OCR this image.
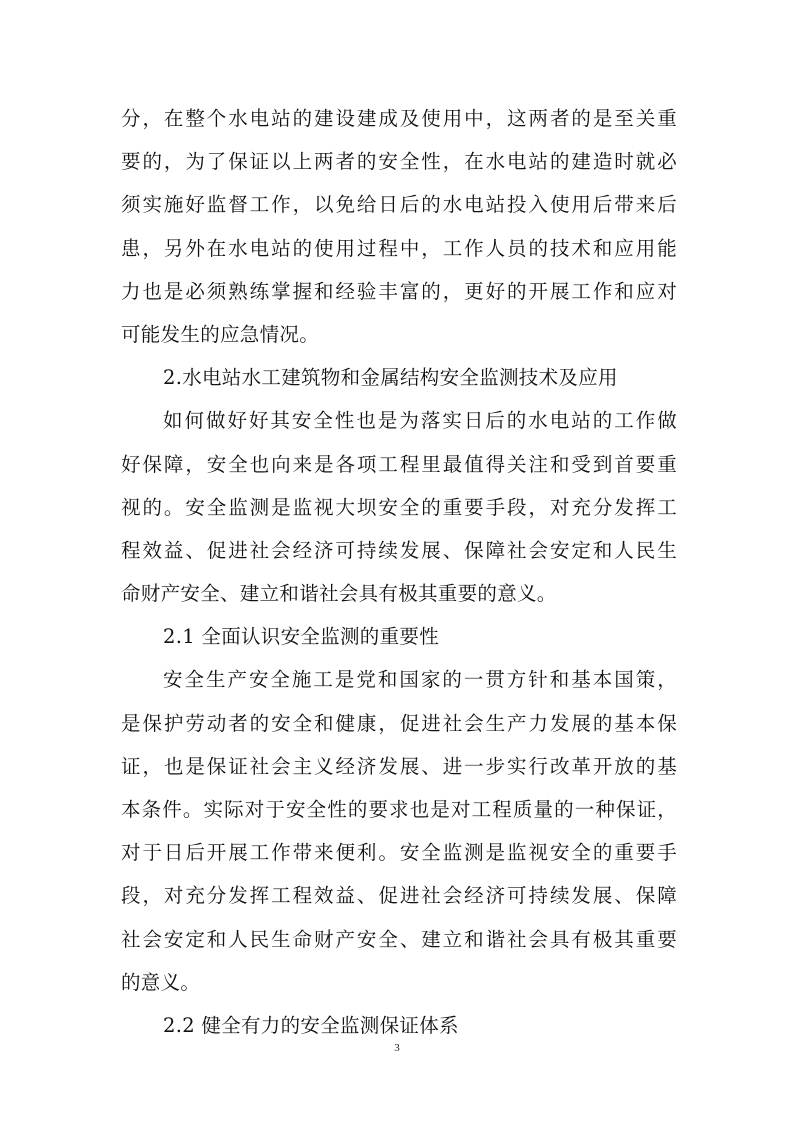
分，在整个水电站的建设建成及使用中，这两者的是至关重
要的，为了保证以上两者的安全性，在水电站的建造时就必
须实施好监督工作，以免给日后的水电站投入使用后带来后
患，另外在水电站的使用过程中，工作人员的技术和应用能
力也是必须熟练掌握和经验丰富的，更好的开展工作和应对
可能发生的应急情况。
2.水电站水工建筑物和金属结构安全监测技术及应用
如何做好好其安全性也是为落实日后的水电站的工作做
好保障，安全也向来是各项工程里最值得关注和受到首要重
视的。安全监测是监视大坝安全的重要手段，对充分发挥工
程效益、促进社会经济可持续发展、保障社会安定和人民生
命财产安全、建立和谐社会具有极其重要的意义。
2.1 全面认识安全监测的重要性
安全生产安全施工是党和国家的一贯方针和基本国策，
是保护劳动者的安全和健康，促进社会生产力发展的基本保
证，也是保证社会主义经济发展、进一步实行改革开放的基
本条件。实际对于安全性的要求也是对工程质量的一种保证，
对于日后开展工作带来便利。安全监测是监视安全的重要手
段，对充分发挥工程效益、促进社会经济可持续发展、保障
社会安定和人民生命财产安全、建立和谐社会具有极其重要
的意义。
2.2 健全有力的安全监测保证体系
3
